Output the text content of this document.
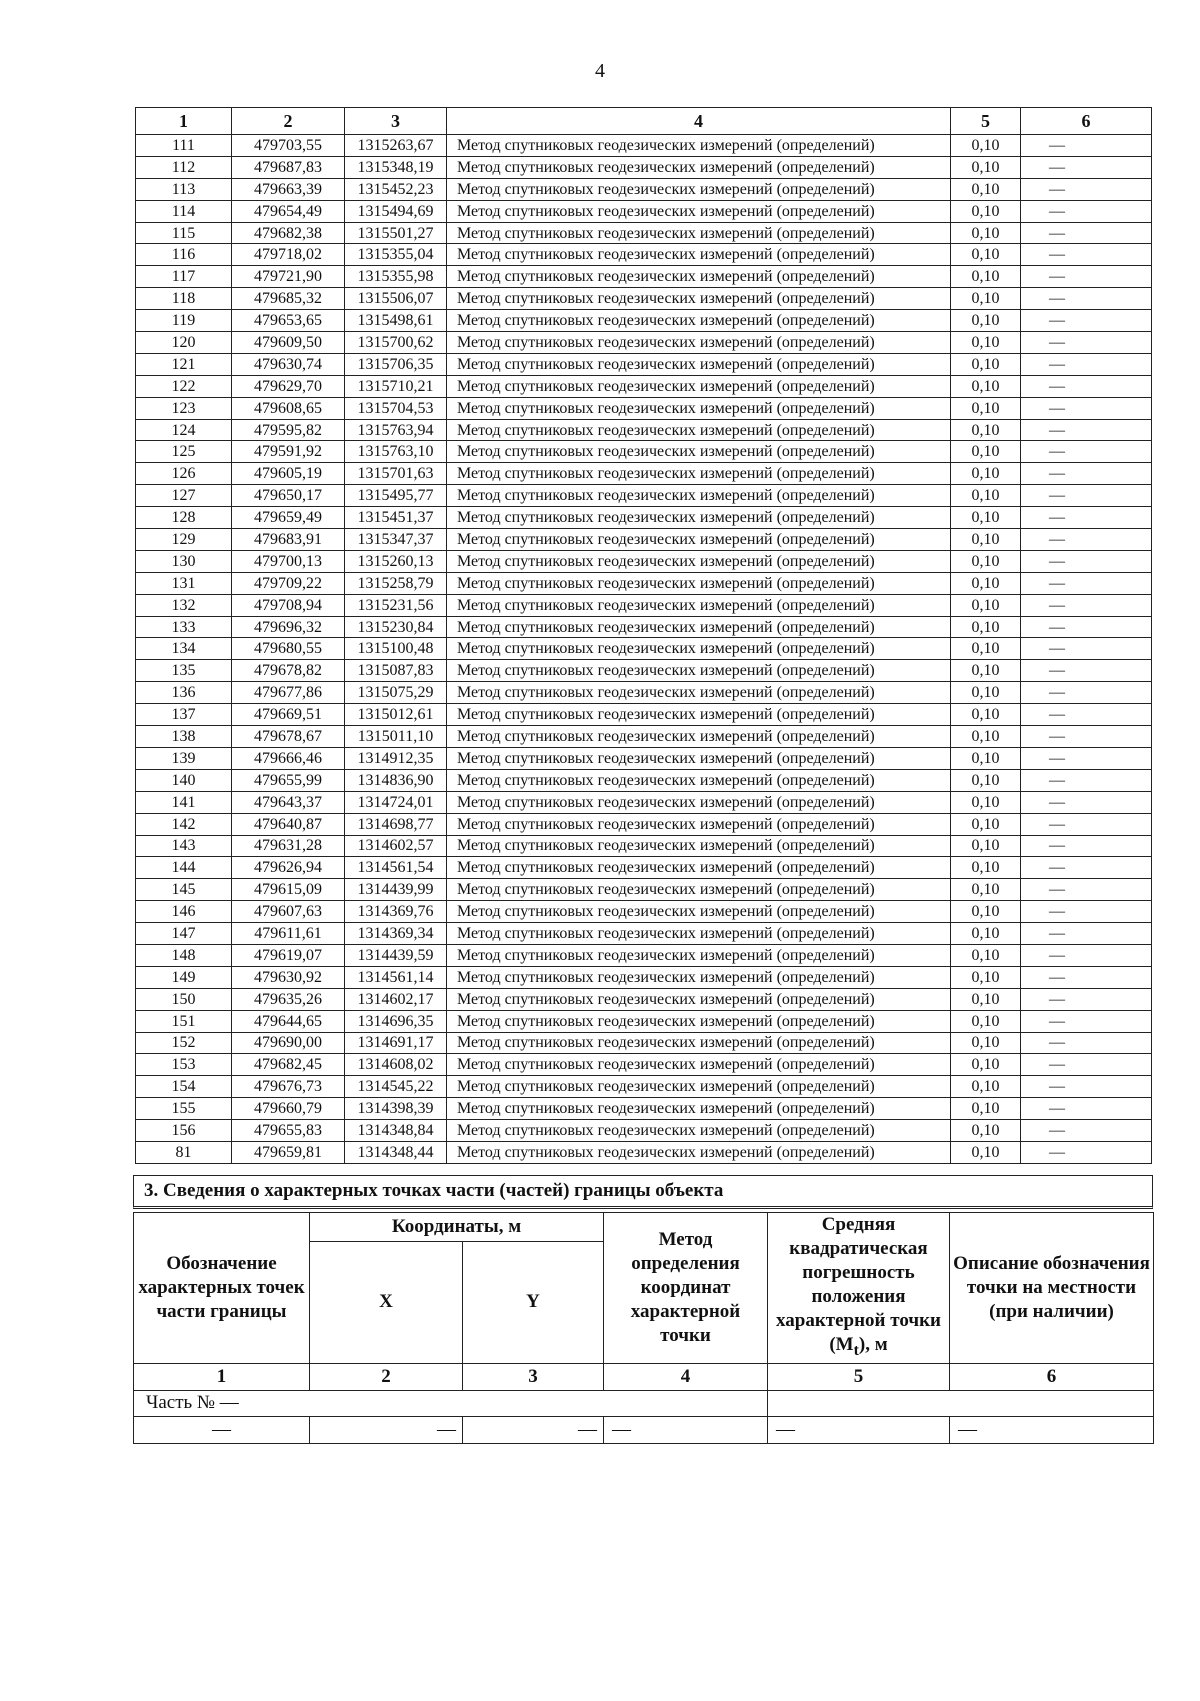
4
1	2	3	4	5	6
111	479703,55	1315263,67	Метод спутниковых геодезических измерений (определений)	0,10	—
112	479687,83	1315348,19	Метод спутниковых геодезических измерений (определений)	0,10	—
113	479663,39	1315452,23	Метод спутниковых геодезических измерений (определений)	0,10	—
114	479654,49	1315494,69	Метод спутниковых геодезических измерений (определений)	0,10	—
115	479682,38	1315501,27	Метод спутниковых геодезических измерений (определений)	0,10	—
116	479718,02	1315355,04	Метод спутниковых геодезических измерений (определений)	0,10	—
117	479721,90	1315355,98	Метод спутниковых геодезических измерений (определений)	0,10	—
118	479685,32	1315506,07	Метод спутниковых геодезических измерений (определений)	0,10	—
119	479653,65	1315498,61	Метод спутниковых геодезических измерений (определений)	0,10	—
120	479609,50	1315700,62	Метод спутниковых геодезических измерений (определений)	0,10	—
121	479630,74	1315706,35	Метод спутниковых геодезических измерений (определений)	0,10	—
122	479629,70	1315710,21	Метод спутниковых геодезических измерений (определений)	0,10	—
123	479608,65	1315704,53	Метод спутниковых геодезических измерений (определений)	0,10	—
124	479595,82	1315763,94	Метод спутниковых геодезических измерений (определений)	0,10	—
125	479591,92	1315763,10	Метод спутниковых геодезических измерений (определений)	0,10	—
126	479605,19	1315701,63	Метод спутниковых геодезических измерений (определений)	0,10	—
127	479650,17	1315495,77	Метод спутниковых геодезических измерений (определений)	0,10	—
128	479659,49	1315451,37	Метод спутниковых геодезических измерений (определений)	0,10	—
129	479683,91	1315347,37	Метод спутниковых геодезических измерений (определений)	0,10	—
130	479700,13	1315260,13	Метод спутниковых геодезических измерений (определений)	0,10	—
131	479709,22	1315258,79	Метод спутниковых геодезических измерений (определений)	0,10	—
132	479708,94	1315231,56	Метод спутниковых геодезических измерений (определений)	0,10	—
133	479696,32	1315230,84	Метод спутниковых геодезических измерений (определений)	0,10	—
134	479680,55	1315100,48	Метод спутниковых геодезических измерений (определений)	0,10	—
135	479678,82	1315087,83	Метод спутниковых геодезических измерений (определений)	0,10	—
136	479677,86	1315075,29	Метод спутниковых геодезических измерений (определений)	0,10	—
137	479669,51	1315012,61	Метод спутниковых геодезических измерений (определений)	0,10	—
138	479678,67	1315011,10	Метод спутниковых геодезических измерений (определений)	0,10	—
139	479666,46	1314912,35	Метод спутниковых геодезических измерений (определений)	0,10	—
140	479655,99	1314836,90	Метод спутниковых геодезических измерений (определений)	0,10	—
141	479643,37	1314724,01	Метод спутниковых геодезических измерений (определений)	0,10	—
142	479640,87	1314698,77	Метод спутниковых геодезических измерений (определений)	0,10	—
143	479631,28	1314602,57	Метод спутниковых геодезических измерений (определений)	0,10	—
144	479626,94	1314561,54	Метод спутниковых геодезических измерений (определений)	0,10	—
145	479615,09	1314439,99	Метод спутниковых геодезических измерений (определений)	0,10	—
146	479607,63	1314369,76	Метод спутниковых геодезических измерений (определений)	0,10	—
147	479611,61	1314369,34	Метод спутниковых геодезических измерений (определений)	0,10	—
148	479619,07	1314439,59	Метод спутниковых геодезических измерений (определений)	0,10	—
149	479630,92	1314561,14	Метод спутниковых геодезических измерений (определений)	0,10	—
150	479635,26	1314602,17	Метод спутниковых геодезических измерений (определений)	0,10	—
151	479644,65	1314696,35	Метод спутниковых геодезических измерений (определений)	0,10	—
152	479690,00	1314691,17	Метод спутниковых геодезических измерений (определений)	0,10	—
153	479682,45	1314608,02	Метод спутниковых геодезических измерений (определений)	0,10	—
154	479676,73	1314545,22	Метод спутниковых геодезических измерений (определений)	0,10	—
155	479660,79	1314398,39	Метод спутниковых геодезических измерений (определений)	0,10	—
156	479655,83	1314348,84	Метод спутниковых геодезических измерений (определений)	0,10	—
81	479659,81	1314348,44	Метод спутниковых геодезических измерений (определений)	0,10	—
3. Сведения о характерных точках части (частей) границы объекта
Обозначение характерных точек части границы	Координаты, м		Метод определения координат характерной точки	Средняя квадратическая погрешность положения характерной точки $(M_t)$, м	Описание обозначения точки на местности (при наличии)
	X	Y			
1	2	3	4	5	6
Часть № —					
—	—	—	—	—	—
